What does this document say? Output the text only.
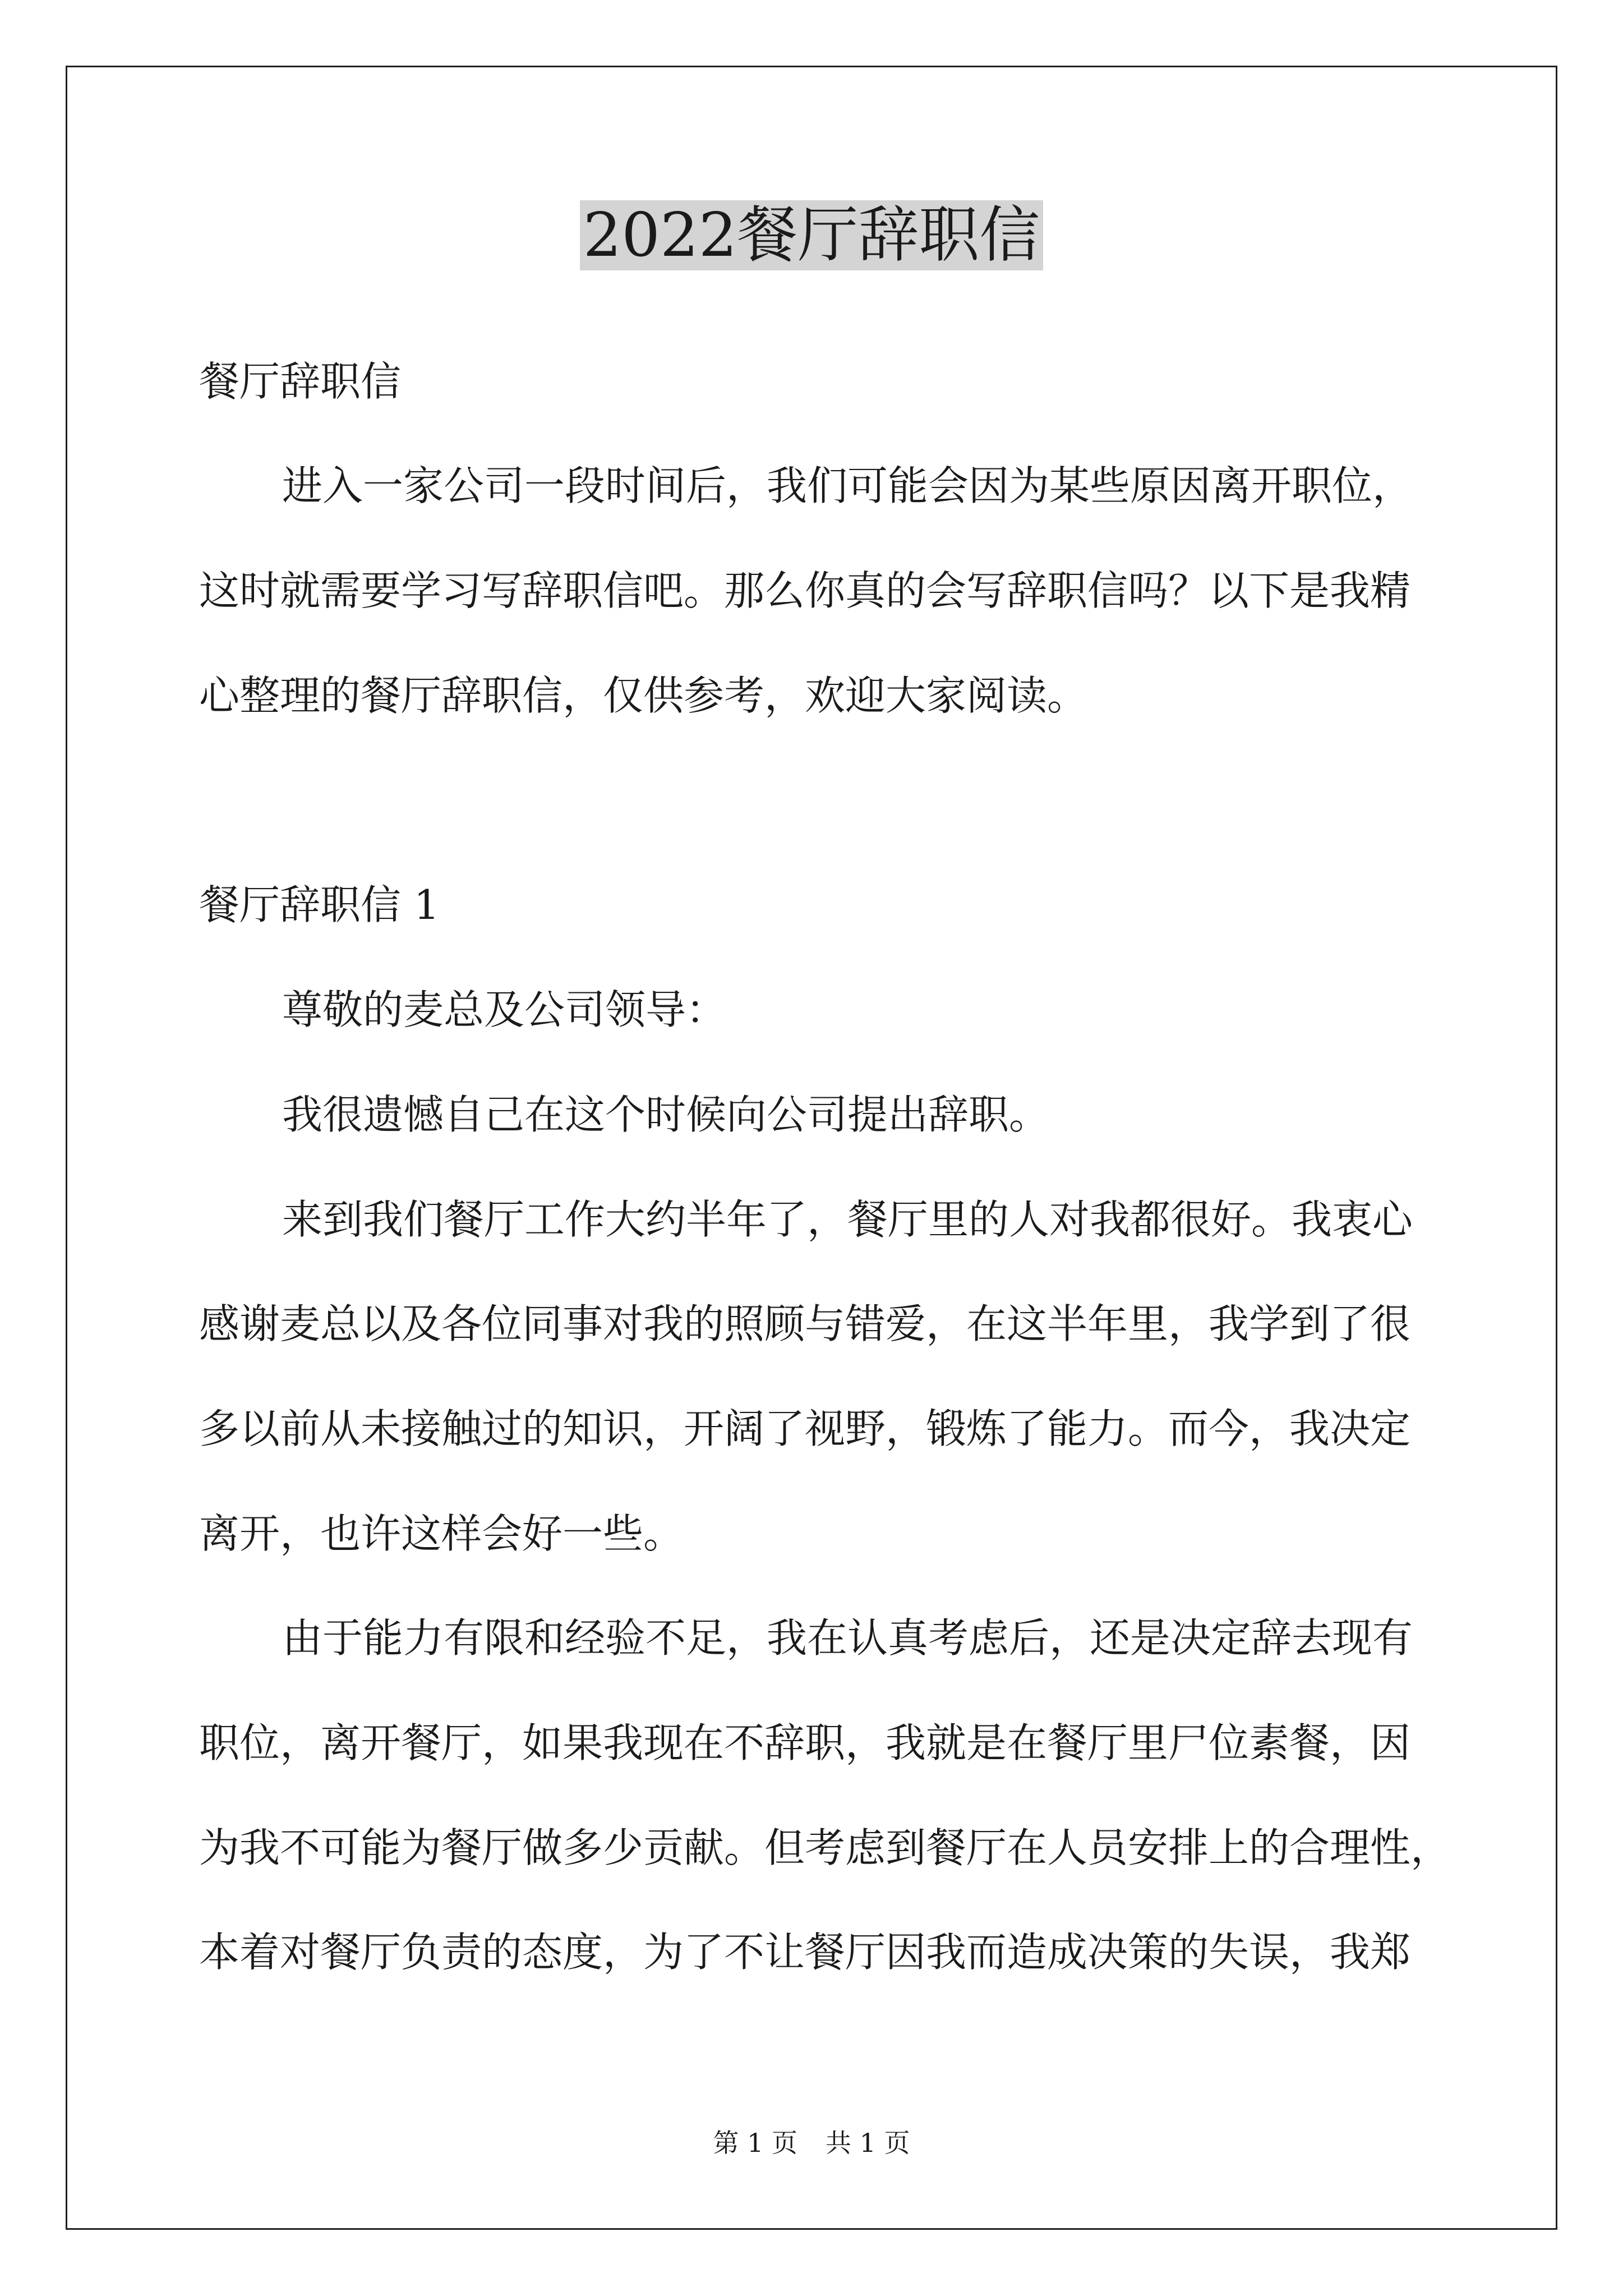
2022餐厅辞职信
餐厅辞职信
进入一家公司一段时间后，我们可能会因为某些原因离开职位，
这时就需要学习写辞职信吧。那么你真的会写辞职信吗？以下是我精
心整理的餐厅辞职信，仅供参考，欢迎大家阅读。
餐厅辞职信 1
尊敬的麦总及公司领导：
我很遗憾自己在这个时候向公司提出辞职。
来到我们餐厅工作大约半年了，餐厅里的人对我都很好。我衷心
感谢麦总以及各位同事对我的照顾与错爱，在这半年里，我学到了很
多以前从未接触过的知识，开阔了视野，锻炼了能力。而今，我决定
离开，也许这样会好一些。
由于能力有限和经验不足，我在认真考虑后，还是决定辞去现有
职位，离开餐厅，如果我现在不辞职，我就是在餐厅里尸位素餐，因
为我不可能为餐厅做多少贡献。但考虑到餐厅在人员安排上的合理性，
本着对餐厅负责的态度，为了不让餐厅因我而造成决策的失误，我郑
第 1 页 共 1 页
